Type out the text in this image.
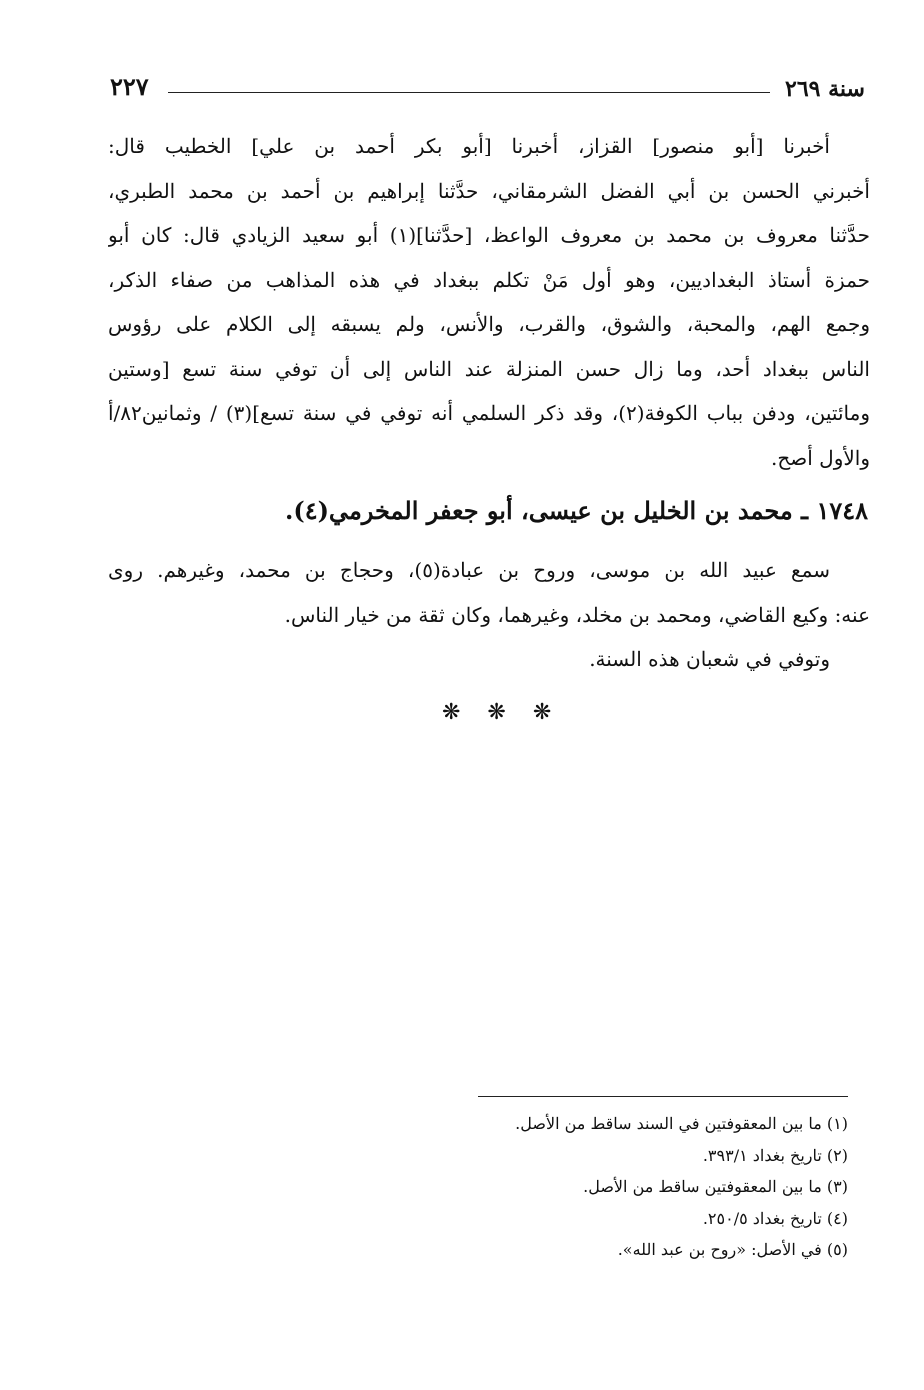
سنة ٢٦٩
٢٢٧
أخبرنا [أبو منصور] القزاز، أخبرنا [أبو بكر أحمد بن علي] الخطيب قال:
أخبرني الحسن بن أبي الفضل الشرمقاني، حدَّثنا إبراهيم بن أحمد بن محمد الطبري،
حدَّثنا معروف بن محمد بن معروف الواعظ، [حدَّثنا](١) أبو سعيد الزيادي قال: كان أبو
حمزة أستاذ البغداديين، وهو أول مَنْ تكلم ببغداد في هذه المذاهب من صفاء الذكر،
وجمع الهم، والمحبة، والشوق، والقرب، والأنس، ولم يسبقه إلى الكلام على رؤوس
الناس ببغداد أحد، وما زال حسن المنزلة عند الناس إلى أن توفي سنة تسع [وستين
ومائتين، ودفن بباب الكوفة(٢)، وقد ذكر السلمي أنه توفي في سنة تسع](٣) / وثمانين٨٢/أ
والأول أصح.
١٧٤٨ ـ محمد بن الخليل بن عيسى، أبو جعفر المخرمي(٤).
سمع عبيد الله بن موسى، وروح بن عبادة(٥)، وحجاج بن محمد، وغيرهم. روى
عنه: وكيع القاضي، ومحمد بن مخلد، وغيرهما، وكان ثقة من خيار الناس.
وتوفي في شعبان هذه السنة.
❋ ❋ ❋
(١) ما بين المعقوفتين في السند ساقط من الأصل.
(٢) تاريخ بغداد ٣٩٣/١.
(٣) ما بين المعقوفتين ساقط من الأصل.
(٤) تاريخ بغداد ٢٥٠/٥.
(٥) في الأصل: «روح بن عبد الله».
